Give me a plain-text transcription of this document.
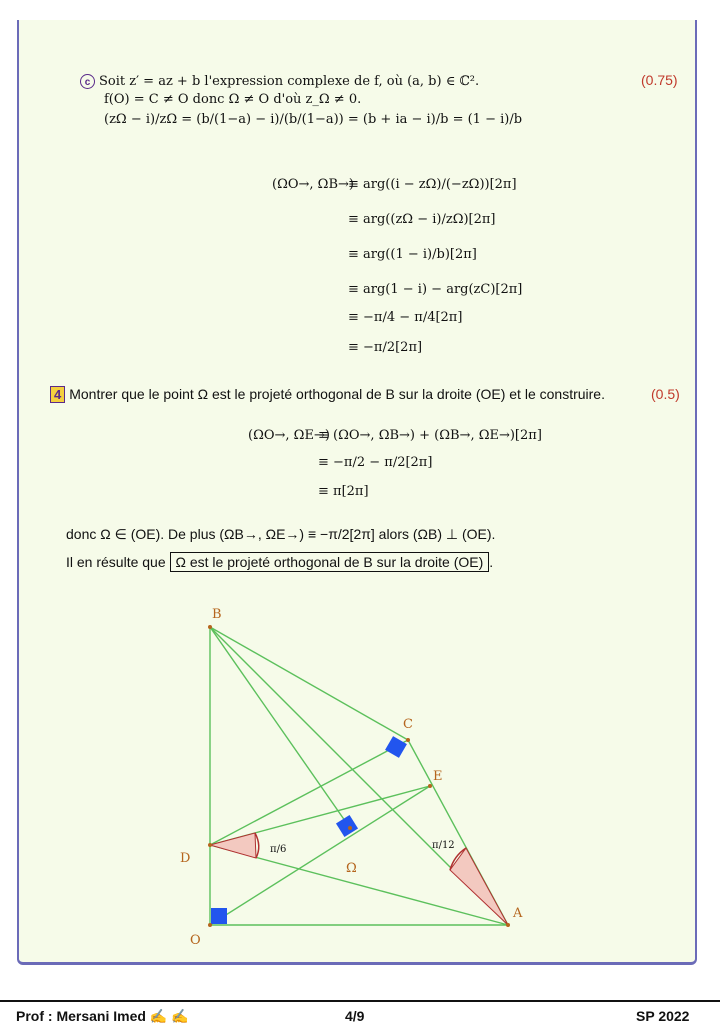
c Soit z′ = az + b l'expression complexe de f, où (a, b) ∈ ℂ².	(0.75)
f(O) = C ≠ O donc Ω ≠ O d'où z_Ω ≠ 0.
(zΩ − i)/zΩ = (b/(1−a) − i)/(b/(1−a)) = (b + ia − i)/b = (1 − i)/b
(ΩO→, ΩB→)
≡ arg((i − zΩ)/(−zΩ))[2π]
≡ arg((zΩ − i)/zΩ)[2π]
≡ arg((1 − i)/b)[2π]
≡ arg(1 − i) − arg(zC)[2π]
≡ −π/4 − π/4[2π]
≡ −π/2[2π]
4 Montrer que le point Ω est le projeté orthogonal de B sur la droite (OE) et le construire.	(0.5)
(ΩO→, ΩE→)
≡ (ΩO→, ΩB→) + (ΩB→, ΩE→)[2π]
≡ −π/2 − π/2[2π]
≡ π[2π]
donc Ω ∈ (OE). De plus (ΩB→, ΩE→) ≡ −π/2[2π] alors (ΩB) ⊥ (OE).
Il en résulte que Ω est le projeté orthogonal de B sur la droite (OE) .
B
C
E
D
O
A
Ω
π/6	π/12
Prof : Mersani Imed ✍ ✍	4/9	SP 2022
